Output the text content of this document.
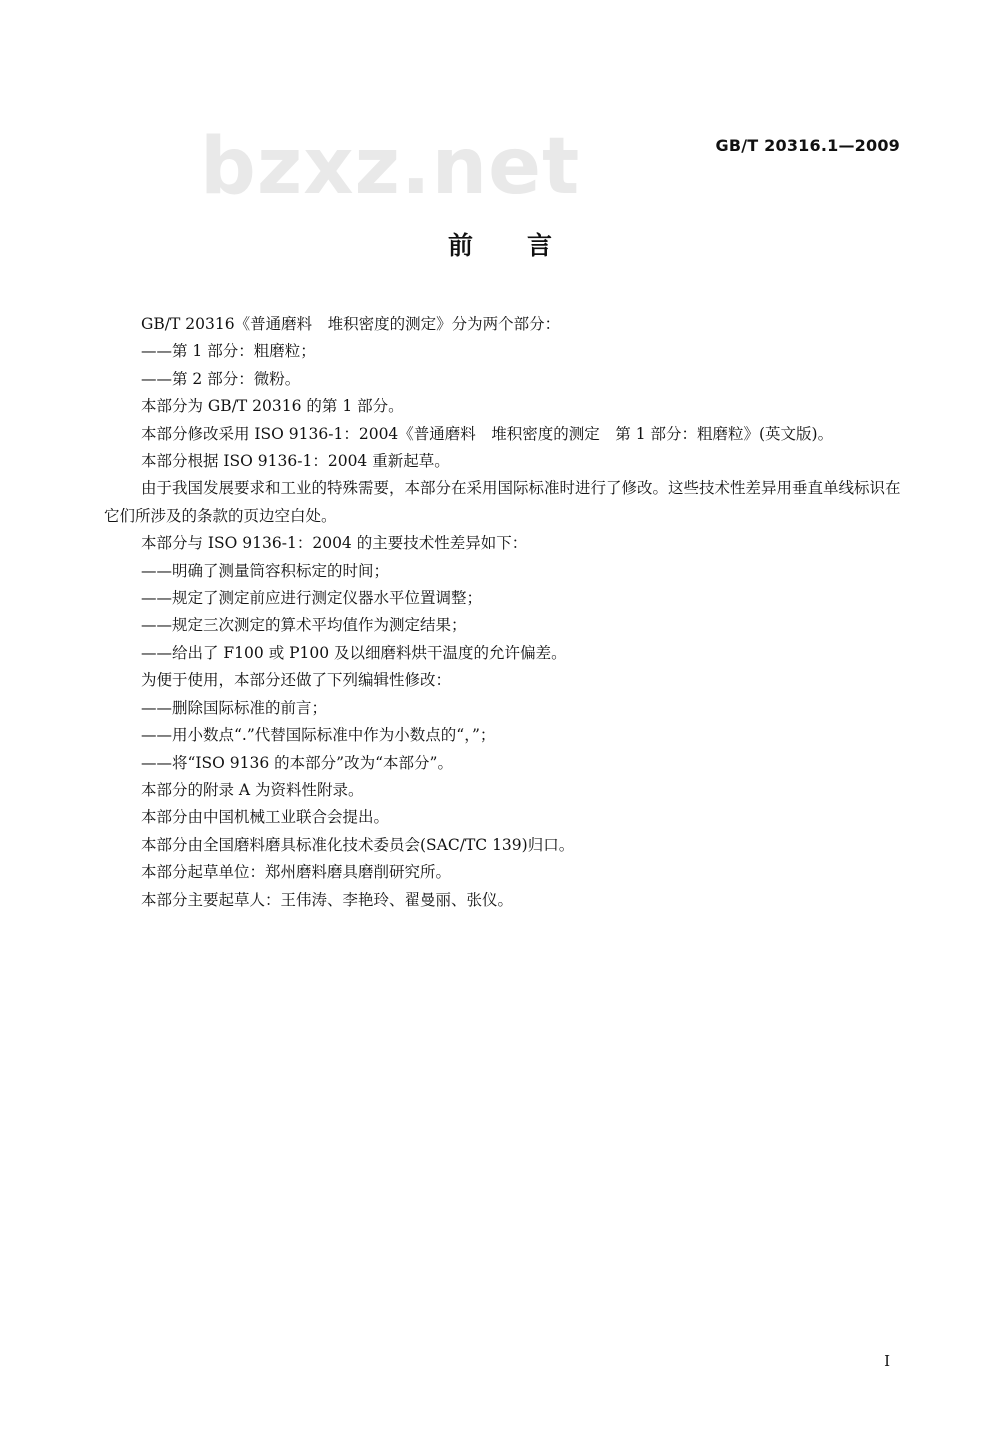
bzxz.net	GB/T 20316.1—2009
前言

GB/T 20316《普通磨料　堆积密度的测定》分为两个部分：

——第 1 部分：粗磨粒；

——第 2 部分：微粉。

本部分为 GB/T 20316 的第 1 部分。

本部分修改采用 ISO 9136-1：2004《普通磨料　堆积密度的测定　第 1 部分：粗磨粒》(英文版)。

本部分根据 ISO 9136-1：2004 重新起草。

由于我国发展要求和工业的特殊需要，本部分在采用国际标准时进行了修改。这些技术性差异用垂直单线标识在它们所涉及的条款的页边空白处。

本部分与 ISO 9136-1：2004 的主要技术性差异如下：

——明确了测量筒容积标定的时间；

——规定了测定前应进行测定仪器水平位置调整；

——规定三次测定的算术平均值作为测定结果；

——给出了 F100 或 P100 及以细磨料烘干温度的允许偏差。

为便于使用，本部分还做了下列编辑性修改：

——删除国际标准的前言；

——用小数点“.”代替国际标准中作为小数点的“，”；

——将“ISO 9136 的本部分”改为“本部分”。

本部分的附录 A 为资料性附录。

本部分由中国机械工业联合会提出。

本部分由全国磨料磨具标准化技术委员会(SAC/TC 139)归口。

本部分起草单位：郑州磨料磨具磨削研究所。

本部分主要起草人：王伟涛、李艳玲、翟曼丽、张仪。

I
